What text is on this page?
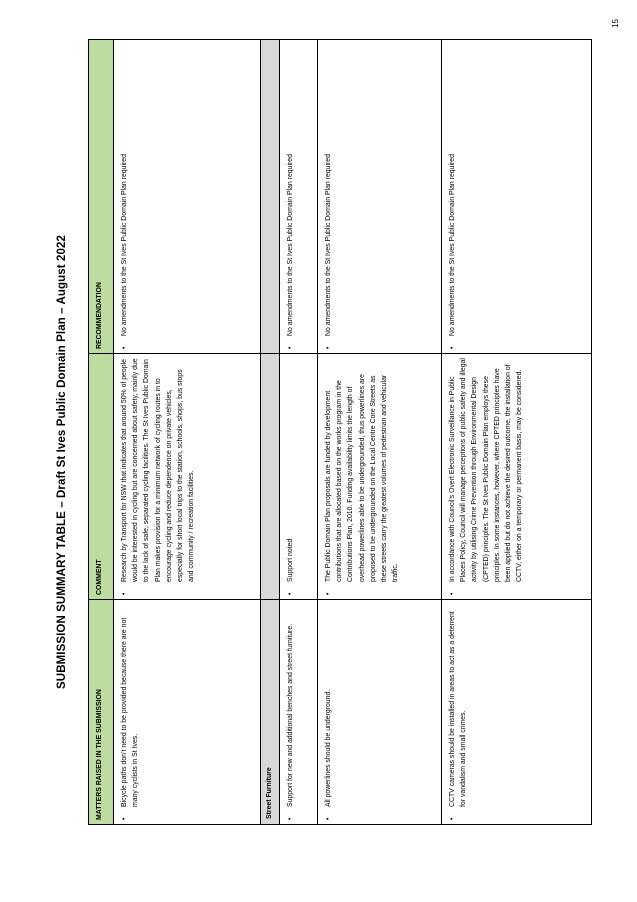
15
SUBMISSION SUMMARY TABLE – Draft St Ives Public Domain Plan – August 2022
MATTERS RAISED IN THE SUBMISSION	COMMENT	RECOMMENDATION

•
Bicycle paths don’t need to be provided because there are not many cyclists in St Ives.	•
Research by Transport for NSW that indicates that around 50% of people would be interested in cycling but are concerned about safety, mainly due to the lack of safe, separated cycling facilities. The St Ives Public Domain Plan makes provision for a minimum network of cycling routes in to encourage cycling and reduce dependence on private vehicles, especially for short local trips to the station, schools, shops, bus stops and community / recreation facilities.	•
No amendments to the St Ives Public Domain Plan required

Street Furniture		

•
Support for new and additional benches and street furniture.	•
Support noted	•
No amendments to the St Ives Public Domain Plan required

•
All powerlines should be underground.	•
The Public Domain Plan proposals are funded by development contributions that are allocated based on the works program in the Contributions Plan, 2010. Funding availability limits the length of overhead powerlines able to be undergrounded, thus powerlines are proposed to be undergrounded on the Local Centre Core Streets as these streets carry the greatest volumes of pedestrian and vehicular traffic.	•
No amendments to the St Ives Public Domain Plan required

•
CCTV cameras should be installed in areas to act as a deterrent for vandalism and small crimes.	•
In accordance with Council’s Overt Electronic Surveillance in Public Places Policy, Council will manage perceptions of public safety and illegal activity by utilising Crime Prevention through Environmental Design (CPTED) principles. The St Ives Public Domain Plan employs these principles. In some instances, however, where CPTED principles have been applied but do not achieve the desired outcome, the installation of CCTV, either on a temporary or permanent basis, may be considered.	•
No amendments to the St Ives Public Domain Plan required
